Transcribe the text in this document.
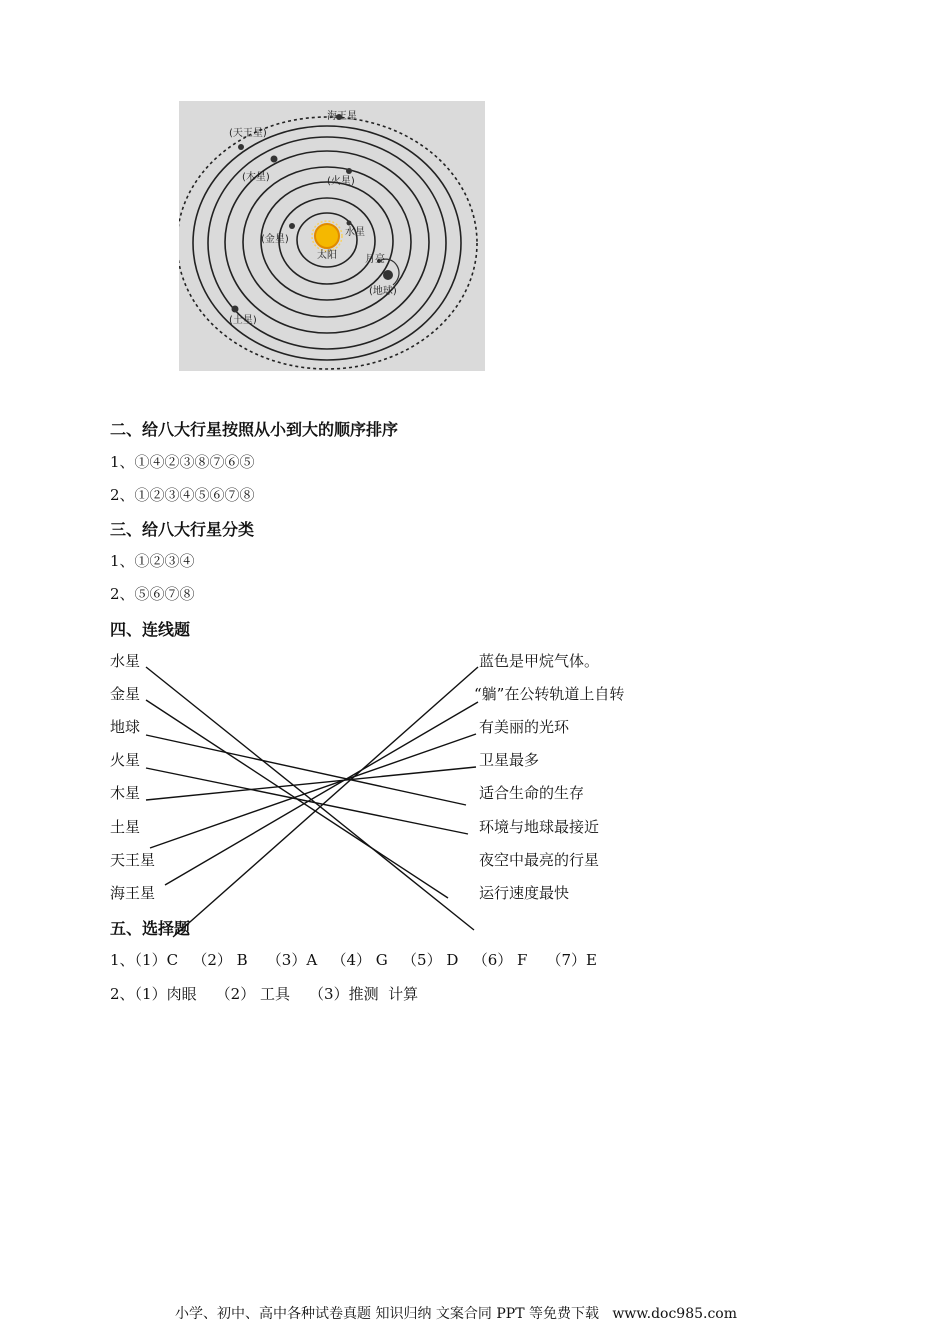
海王星
(天王星)
(木星)	(火星)
(金星)
水星
太阳	月亮
(地球)
(土星)
二、给八大行星按照从小到大的顺序排序
1、①④②③⑧⑦⑥⑤
2、①②③④⑤⑥⑦⑧
三、给八大行星分类
1、①②③④
2、⑤⑥⑦⑧
四、连线题
水星
金星
地球
火星
木星
土星
天王星
海王星
蓝色是甲烷气体。
“躺”在公转轨道上自转
有美丽的光环
卫星最多
适合生命的生存
环境与地球最接近
夜空中最亮的行星
运行速度最快
五、选择题
1、（1）C   （2） B    （3）A   （4） G   （5） D   （6） F    （7）E
2、（1）肉眼    （2） 工具    （3）推测  计算
小学、初中、高中各种试卷真题 知识归纳 文案合同 PPT 等免费下载   www.doc985.com
